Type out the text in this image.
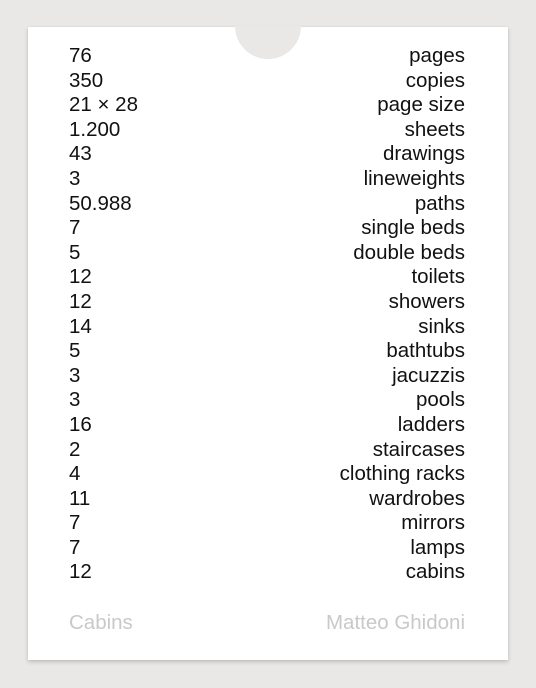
76	pages
350	copies
21 × 28	page size
1.200	sheets
43	drawings
3	lineweights
50.988	paths
7	single beds
5	double beds
12	toilets
12	showers
14	sinks
5	bathtubs
3	jacuzzis
3	pools
16	ladders
2	staircases
4	clothing racks
11	wardrobes
7	mirrors
7	lamps
12	cabins
Cabins	Matteo Ghidoni
